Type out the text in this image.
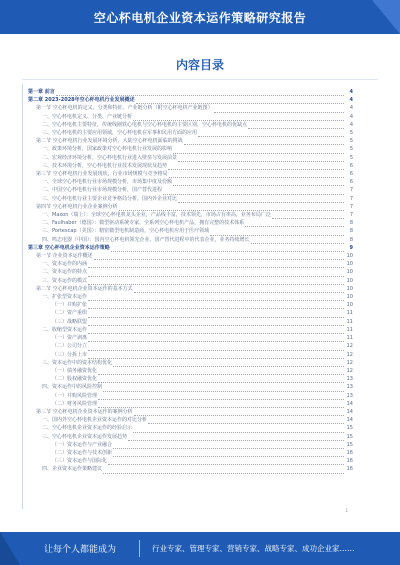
空心杯电机企业资本运作策略研究报告
内容目录
第一章 前言	4
第二章 2023-2028年空心杯电机行业发展概述	4
第一节 空心杯电机的定义、分类和特征、产业链分析（附空心杯电机产业链图）	4
一、空心杯电机定义、分类、产业链分析	4
二、空心杯电机主要特征，传统线圈铁心电机与空心杯电机的主要区别，空心杯电机的优缺点	4
三、空心杯电机的主要应用领域，空心杯电机在军事和民用方面的应用	5
第二节 空心杯电机行业发展环境分析，大陆空心杯电机面临的挑战	5
一、政策环境分析，国家政策对空心杯电机行业发展的影响	5
二、宏观经济环境分析，空心杯电机行业进入壁垒与发展前景	5
三、技术环境分析，空心杯电机行业技术发展现状及趋势	6
第三节 空心杯电机行业发展现状，行业市场规模与竞争格局	6
一、全球空心杯电机行业市场规模分析，市场集中度及份额	6
二、中国空心杯电机行业市场规模分析，国产替代进程	7
三、空心杯电机行业主要企业竞争格局分析，国内外企业对比	7
第四节 空心杯电机行业企业案例分析	7
一、Maxon（瑞士）：全球空心杯电机龙头企业，产品线丰富，技术领先，市场占有率高，业务布局广泛	7
二、Faulhaber（德国）：微型驱动系统专家，全系列空心杯电机产品，拥有完整的技术体系	8
三、Portescap（美国）：精密微型电机制造商，空心杯电机应用于医疗领域	8
四、鸣志电器（中国）：国内空心杯电机领先企业，国产替代进程中的代表企业，业务持续增长	8
第三章 空心杯电机企业资本运作策略	9
第一节 企业资本运作概述	10
一、资本运作的内涵	10
二、资本运作的特点	10
三、资本运作的模式	10
第二节 空心杯电机企业资本运作的基本方式	10
一、扩张型资本运作	10
（一）并购扩张	10
（二）资产重组	11
（三）战略联盟	11
二、收缩型资本运作	11
（一）资产剥离	11
（二）公司分立	12
（三）分拆上市	12
三、资本运作中的资本结构优化	12
（一）债务融资优化	12
（二）股权融资优化	13
四、资本运作中的风险控制	13
（一）并购风险管理	13
（二）财务风险管理	14
第三节 空心杯电机企业资本运作的案例分析	14
一、国内外空心杯电机企业资本运作的对比分析	14
二、空心杯电机企业资本运作的经验启示	15
三、空心杯电机企业资本运作发展趋势	15
（一）资本运作与产业融合	15
（二）资本运作与技术创新	16
（三）资本运作与国际化	16
四、企业资本运作策略建议	16
1
让每个人都能成为	行业专家、管理专家、营销专家、战略专家、成功企业家……
